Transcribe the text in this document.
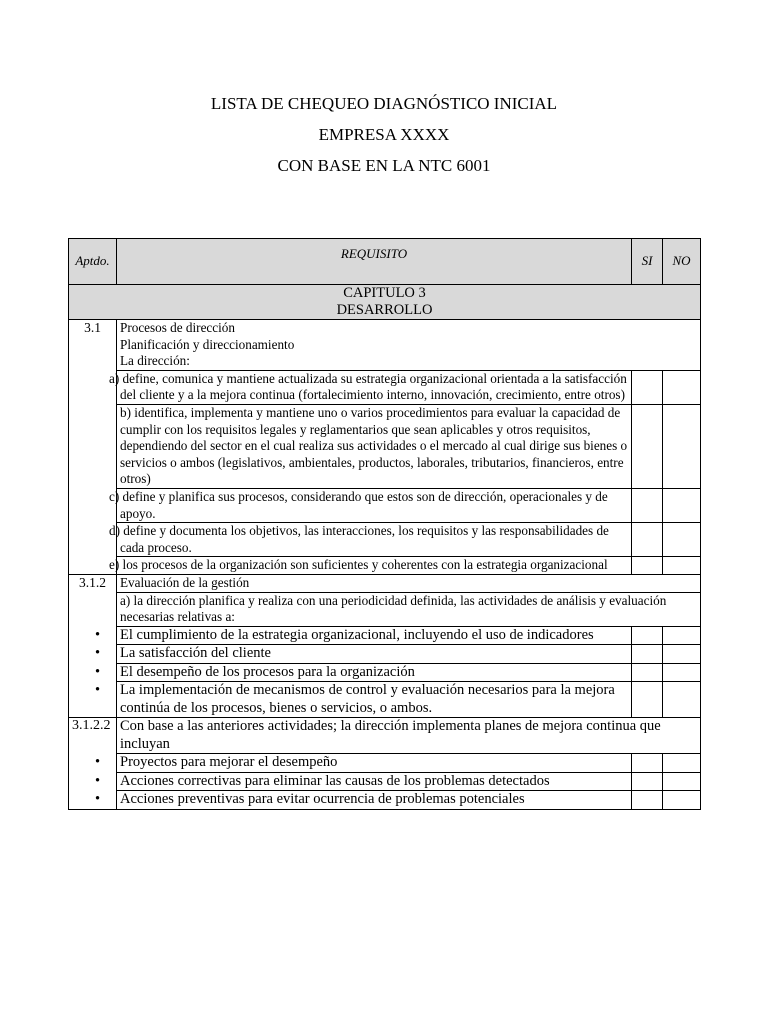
LISTA DE CHEQUEO DIAGNÓSTICO INICIAL
EMPRESA XXXX
CON BASE EN LA NTC 6001
Aptdo.	REQUISITO	SI	NO

CAPITULO 3
DESARROLLO			

3.1	Procesos de dirección
Planificación y direccionamiento
La dirección:		

	a) define, comunica y mantiene actualizada su estrategia organizacional orientada a la satisfacción del cliente y a la mejora continua (fortalecimiento interno, innovación, crecimiento, entre otros)		
	b) identifica, implementa y mantiene uno o varios procedimientos para evaluar la capacidad de cumplir con los requisitos legales y reglamentarios que sean aplicables y otros requisitos, dependiendo del sector en el cual realiza sus actividades o el mercado al cual dirige sus bienes o servicios o ambos (legislativos, ambientales, productos, laborales, tributarios, financieros, entre otros)		
	c) define y planifica sus procesos, considerando que estos son de dirección, operacionales y de apoyo.		
	d) define y documenta los objetivos, las interacciones, los requisitos y las responsabilidades de cada proceso.		
	e) los procesos de la organización son suficientes y coherentes con la estrategia organizacional		
3.1.2	Evaluación de la gestión		
	a) la dirección planifica y realiza con una periodicidad definida, las actividades de análisis y evaluación necesarias relativas a:		
	• El cumplimiento de la estrategia organizacional, incluyendo el uso de indicadores		
	• La satisfacción del cliente		
	• El desempeño de los procesos para la organización		
	• La implementación de mecanismos de control y evaluación necesarios para la mejora continúa de los procesos, bienes o servicios, o ambos.		
3.1.2.2	Con base a las anteriores actividades; la dirección implementa planes de mejora continua que incluyan		
	• Proyectos para mejorar el desempeño		
	• Acciones correctivas para eliminar las causas de los problemas detectados		
	• Acciones preventivas para evitar ocurrencia de problemas potenciales		
